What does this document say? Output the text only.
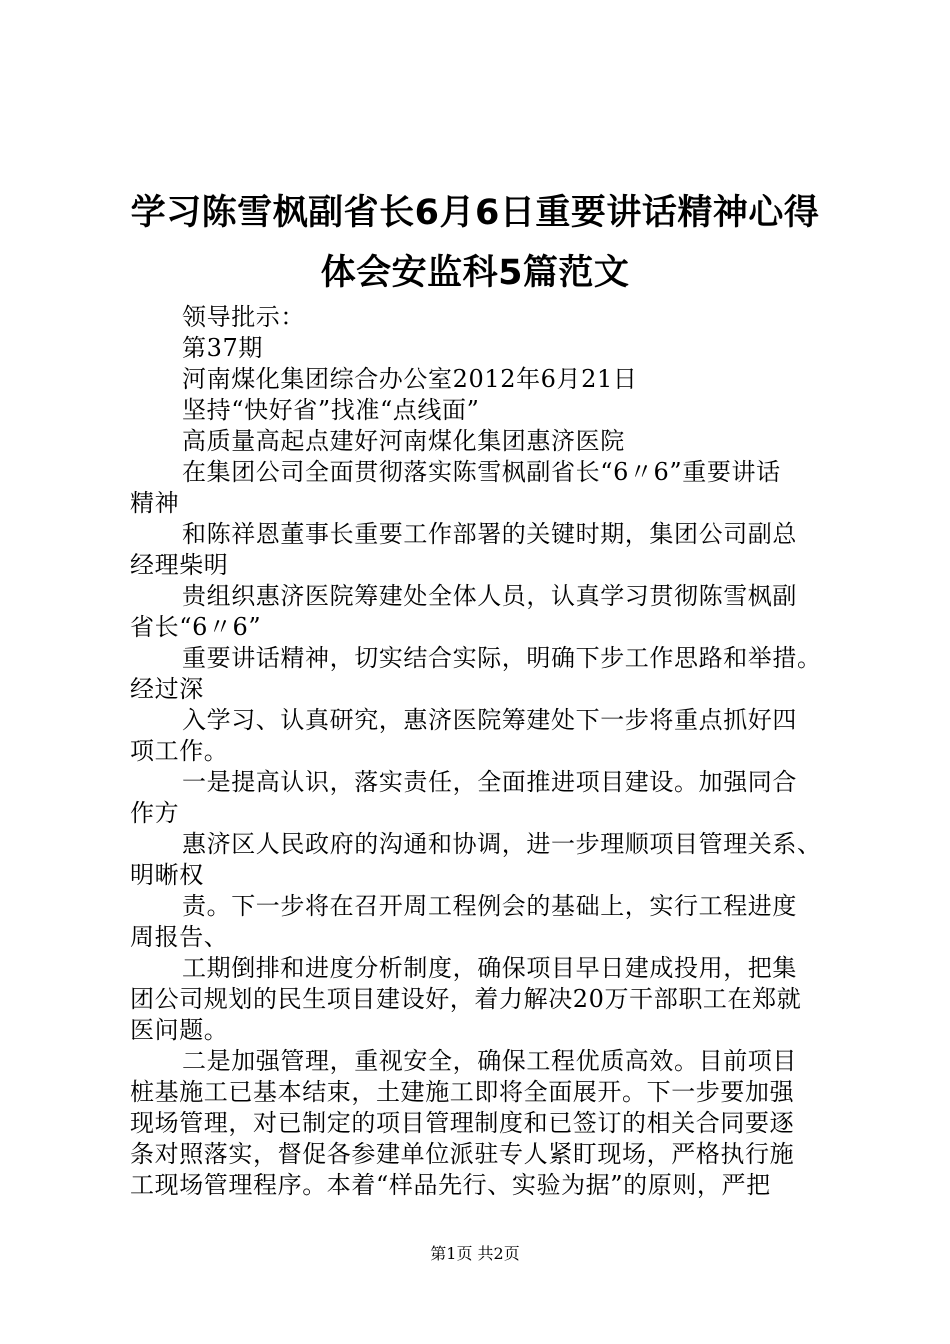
学习陈雪枫副省长6月6日重要讲话精神心得
体会安监科5篇范文

领导批示：

第37期

河南煤化集团综合办公室2012年6月21日

坚持“快好省”找准“点线面”

高质量高起点建好河南煤化集团惠济医院

在集团公司全面贯彻落实陈雪枫副省长“6〃6”重要讲话

精神

和陈祥恩董事长重要工作部署的关键时期，集团公司副总

经理柴明

贵组织惠济医院筹建处全体人员，认真学习贯彻陈雪枫副

省长“6〃6”

重要讲话精神，切实结合实际，明确下步工作思路和举措。

经过深

入学习、认真研究，惠济医院筹建处下一步将重点抓好四

项工作。

一是提高认识，落实责任，全面推进项目建设。加强同合

作方

惠济区人民政府的沟通和协调，进一步理顺项目管理关系、

明晰权

责。下一步将在召开周工程例会的基础上，实行工程进度

周报告、

工期倒排和进度分析制度，确保项目早日建成投用，把集

团公司规划的民生项目建设好，着力解决20万干部职工在郑就

医问题。

二是加强管理，重视安全，确保工程优质高效。目前项目

桩基施工已基本结束，土建施工即将全面展开。下一步要加强

现场管理，对已制定的项目管理制度和已签订的相关合同要逐

条对照落实，督促各参建单位派驻专人紧盯现场，严格执行施

工现场管理程序。本着“样品先行、实验为据”的原则，严把

第1页 共2页
